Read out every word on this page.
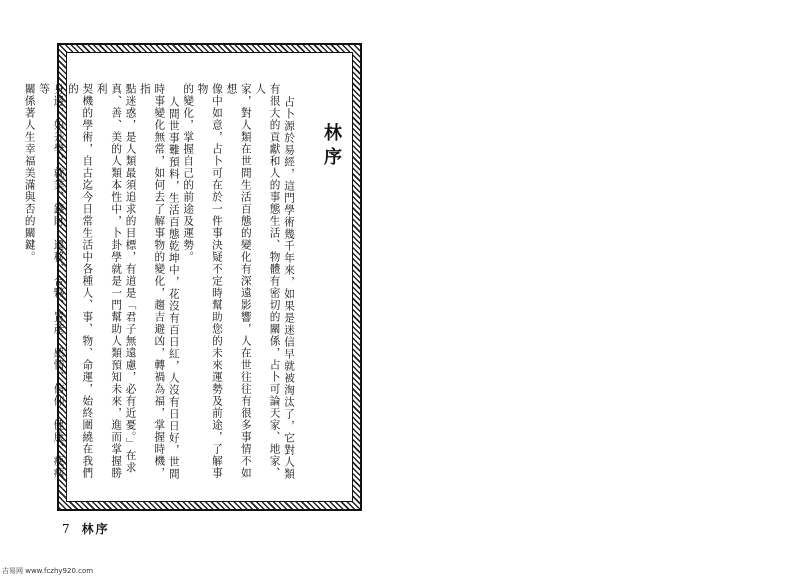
林序

占卜源於易經，這門學術幾千年來，如果是迷信早就被淘汰了，它對人類

有很大的貢獻和人的事態生活、物體有密切的關係，占卜可論天家、地家、人

家，對人類在世間生活百態的變化有深遠影響，人在世往往有很多事情不如想

像中如意，占卜可在於一件事決疑不定時幫助您的未來運勢及前途，了解事物

的變化，掌握自己的前途及運勢。

人間世事難預料，生活百態乾坤中，花沒有百日紅，人沒有日日好，世間

時事變化無常，如何去了解事物的變化，趨吉避凶，轉禍為福，掌握時機，指

點迷惑，是人類最須追求的目標，有道是「君子無遠慮，必有近憂。」在求

真、善、美的人類本性中，卜卦學就是一門幫助人類預知未來，進而掌握勝利

契機的學術，自古迄今日常生活中各種人、事、物、命運，始終圍繞在我們的

身邊，如升學、就業、錢財、遷移、合夥、置產、感情、信仰、健康、疾病等

關係著人生幸福美滿與否的關鍵。

7 林序
吉易网 www.fczhy920.com
